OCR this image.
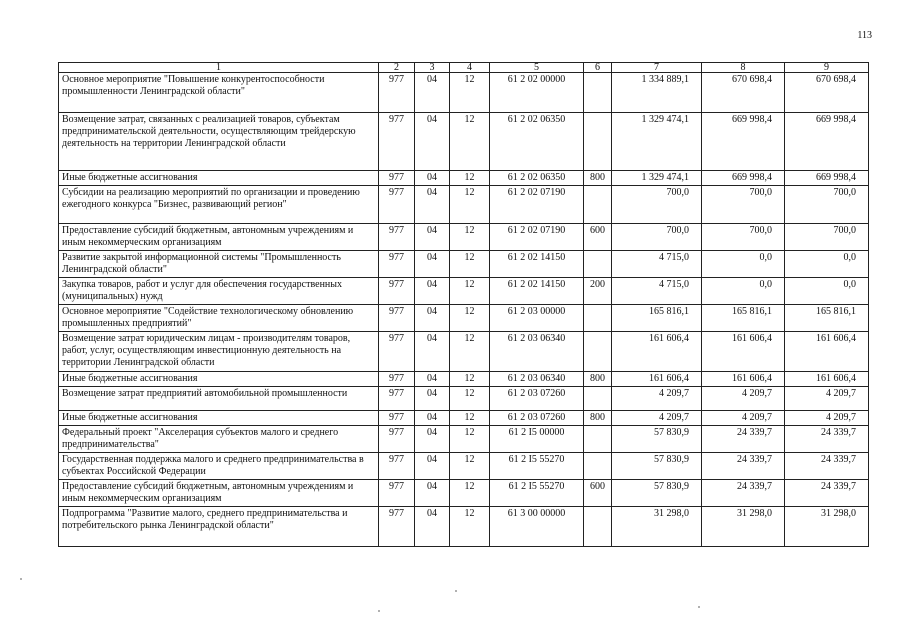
113
1	2	3	4	5	6	7	8	9
Основное мероприятие "Повышение конкурентоспособности промышленности Ленинградской области"	977	04	12	61 2 02 00000		1 334 889,1	670 698,4	670 698,4
Возмещение затрат, связанных с реализацией товаров, субъектам предпринимательской деятельности, осуществляющим трейдерскую деятельность на территории Ленинградской области	977	04	12	61 2 02 06350		1 329 474,1	669 998,4	669 998,4
Иные бюджетные ассигнования	977	04	12	61 2 02 06350	800	1 329 474,1	669 998,4	669 998,4
Субсидии на реализацию мероприятий по организации и проведению ежегодного конкурса "Бизнес, развивающий регион"	977	04	12	61 2 02 07190		700,0	700,0	700,0
Предоставление субсидий бюджетным, автономным учреждениям и иным некоммерческим организациям	977	04	12	61 2 02 07190	600	700,0	700,0	700,0
Развитие закрытой информационной системы "Промышленность Ленинградской области"	977	04	12	61 2 02 14150		4 715,0	0,0	0,0
Закупка товаров, работ и услуг для обеспечения государственных (муниципальных) нужд	977	04	12	61 2 02 14150	200	4 715,0	0,0	0,0
Основное мероприятие "Содействие технологическому обновлению промышленных предприятий"	977	04	12	61 2 03 00000		165 816,1	165 816,1	165 816,1
Возмещение затрат юридическим лицам - производителям товаров, работ, услуг, осуществляющим инвестиционную деятельность на территории Ленинградской области	977	04	12	61 2 03 06340		161 606,4	161 606,4	161 606,4
Иные бюджетные ассигнования	977	04	12	61 2 03 06340	800	161 606,4	161 606,4	161 606,4
Возмещение затрат предприятий автомобильной промышленности	977	04	12	61 2 03 07260		4 209,7	4 209,7	4 209,7
Иные бюджетные ассигнования	977	04	12	61 2 03 07260	800	4 209,7	4 209,7	4 209,7
Федеральный проект "Акселерация субъектов малого и среднего предпринимательства"	977	04	12	61 2 I5 00000		57 830,9	24 339,7	24 339,7
Государственная поддержка малого и среднего предпринимательства в субъектах Российской Федерации	977	04	12	61 2 I5 55270		57 830,9	24 339,7	24 339,7
Предоставление субсидий бюджетным, автономным учреждениям и иным некоммерческим организациям	977	04	12	61 2 I5 55270	600	57 830,9	24 339,7	24 339,7
Подпрограмма "Развитие малого, среднего предпринимательства и потребительского рынка Ленинградской области"	977	04	12	61 3 00 00000		31 298,0	31 298,0	31 298,0
